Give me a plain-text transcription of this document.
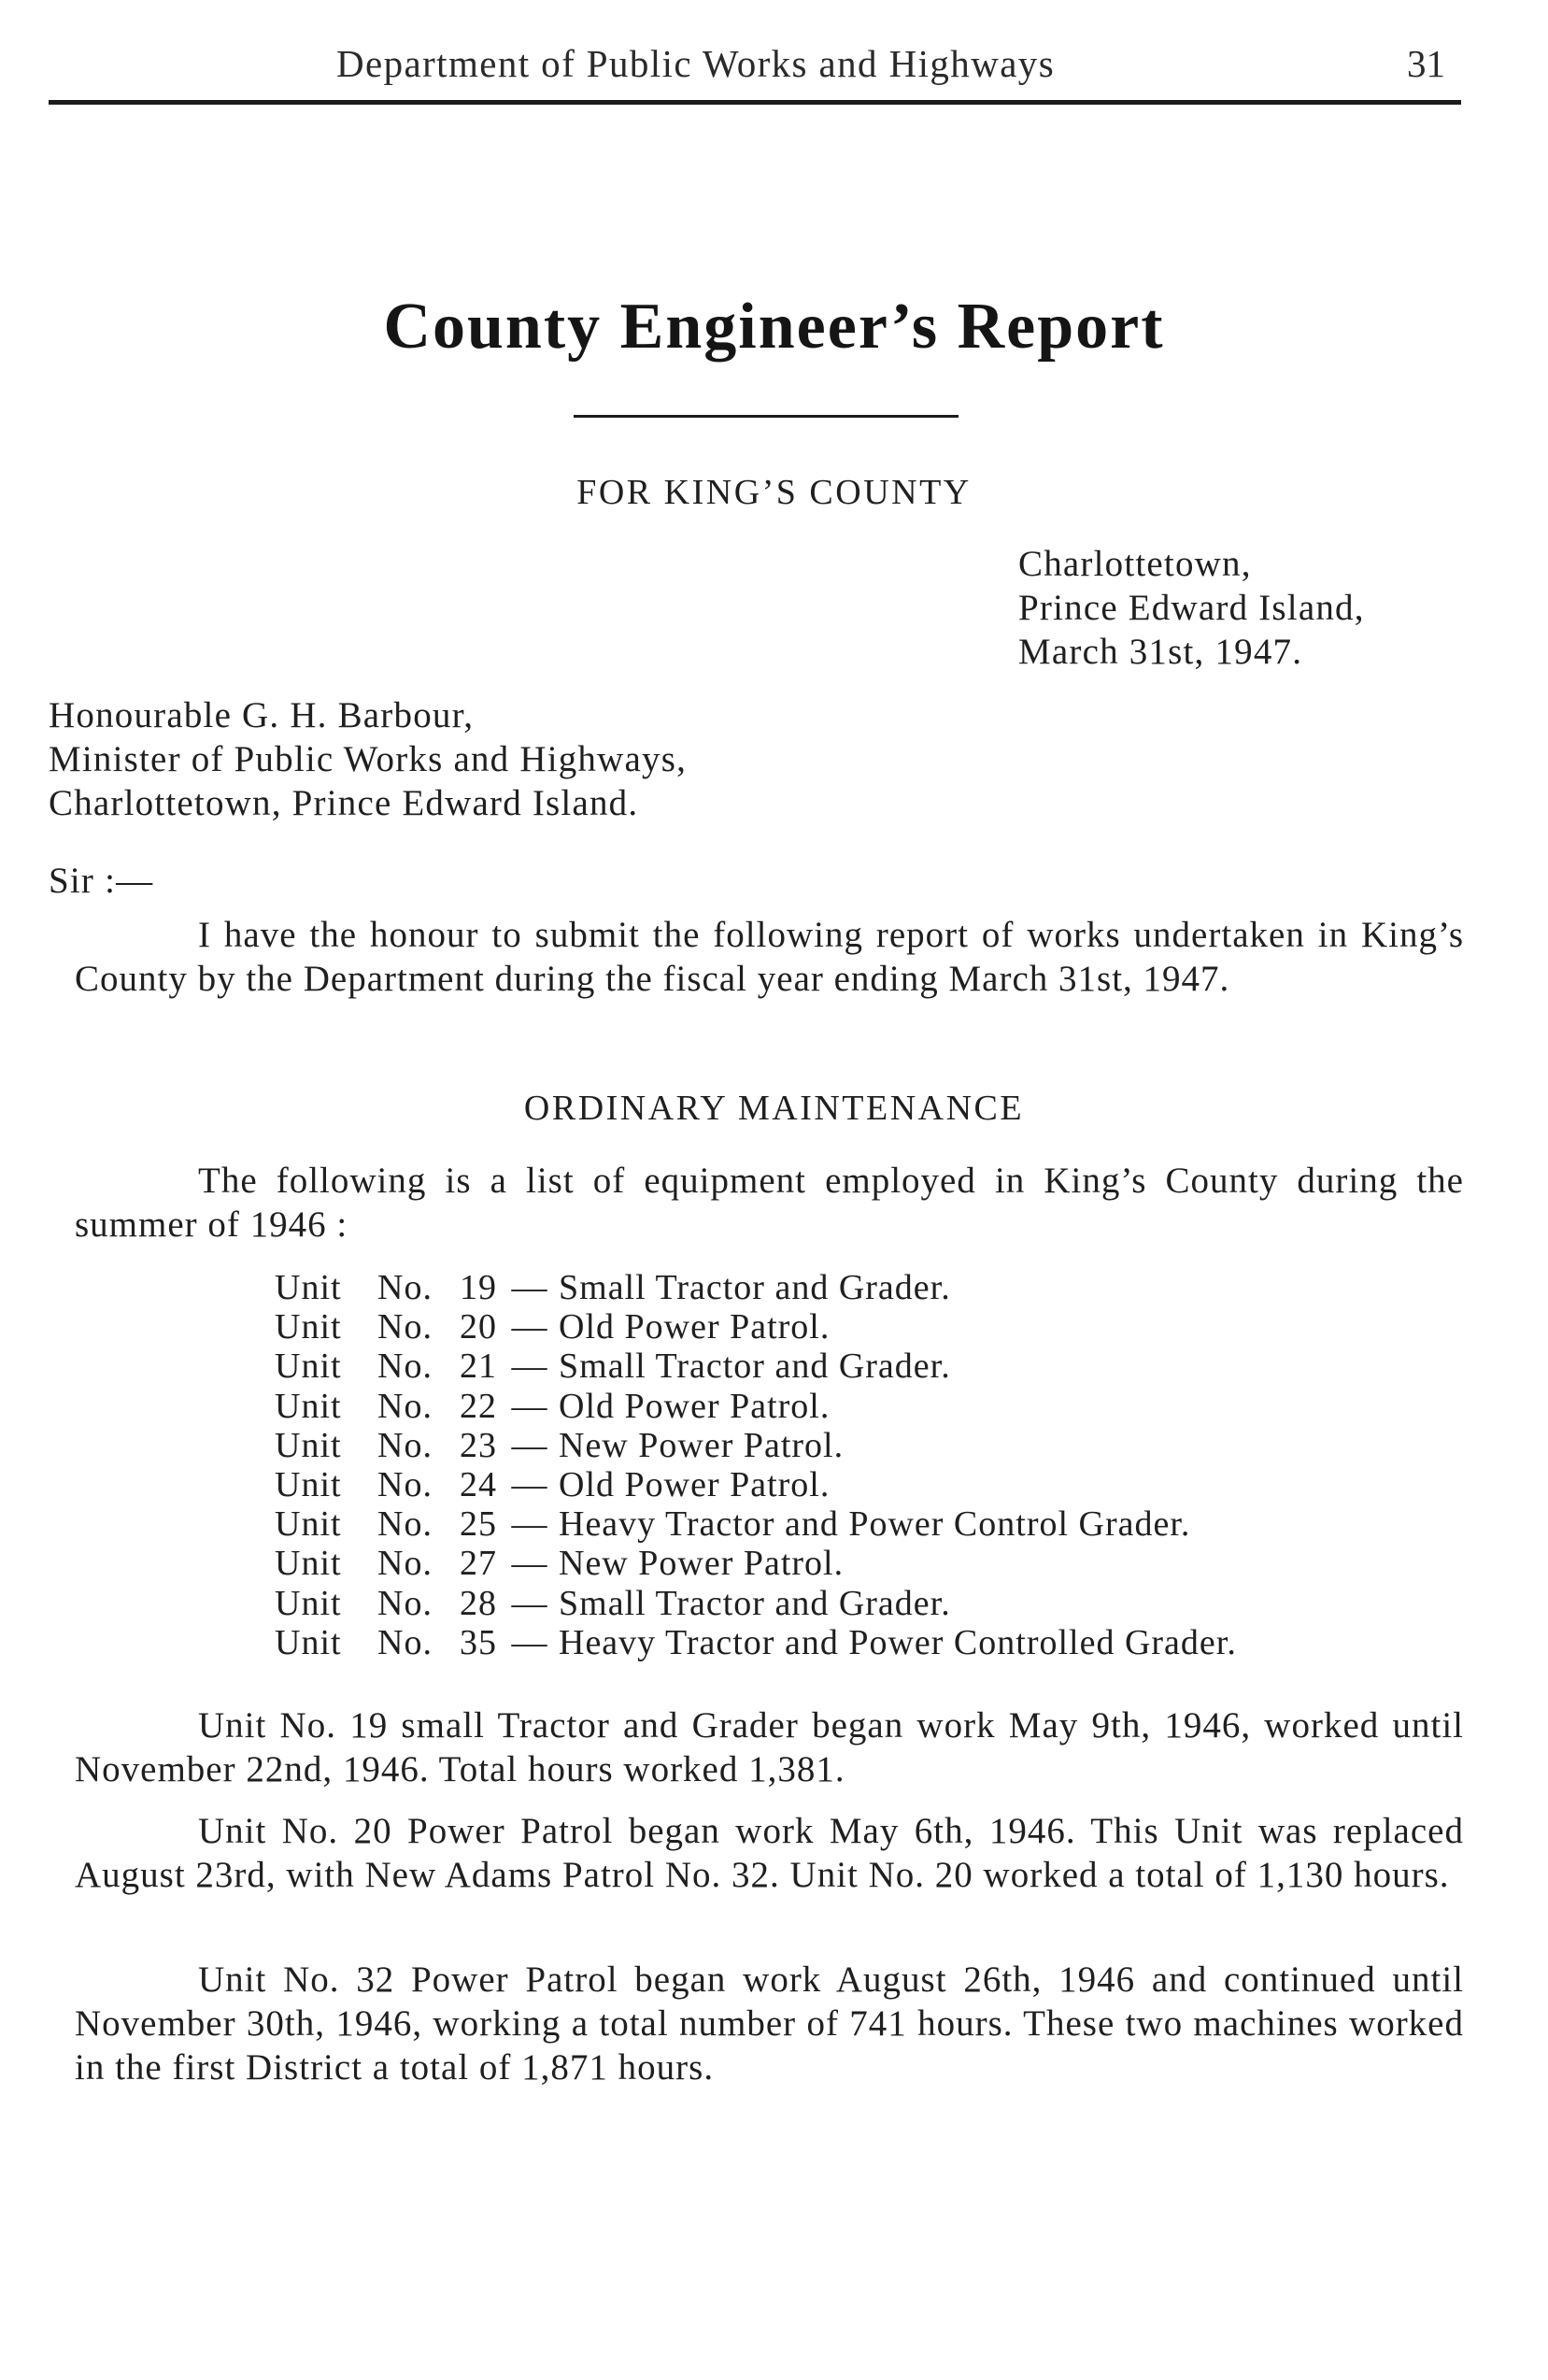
Department of Public Works and Highways	31
County Engineer’s Report
FOR KING’S COUNTY
Charlottetown,
Prince Edward Island,
March 31st, 1947.
Honourable G. H. Barbour,
Minister of Public Works and Highways,
Charlottetown, Prince Edward Island.
Sir :—

I have the honour to submit the following report of works undertaken in King’s County by the Department during the fiscal year ending March 31st, 1947.

ORDINARY MAINTENANCE

The following is a list of equipment employed in King’s County during the summer of 1946 :

Unit No. 19 — Small Tractor and Grader.
Unit No. 20 — Old Power Patrol.
Unit No. 21 — Small Tractor and Grader.
Unit No. 22 — Old Power Patrol.
Unit No. 23 — New Power Patrol.
Unit No. 24 — Old Power Patrol.
Unit No. 25 — Heavy Tractor and Power Control Grader.
Unit No. 27 — New Power Patrol.
Unit No. 28 — Small Tractor and Grader.
Unit No. 35 — Heavy Tractor and Power Controlled Grader.

Unit No. 19 small Tractor and Grader began work May 9th, 1946, worked until November 22nd, 1946. Total hours worked 1,381.

Unit No. 20 Power Patrol began work May 6th, 1946. This Unit was replaced August 23rd, with New Adams Patrol No. 32. Unit No. 20 worked a total of 1,130 hours.

Unit No. 32 Power Patrol began work August 26th, 1946 and continued until November 30th, 1946, working a total number of 741 hours. These two machines worked in the first District a total of 1,871 hours.
